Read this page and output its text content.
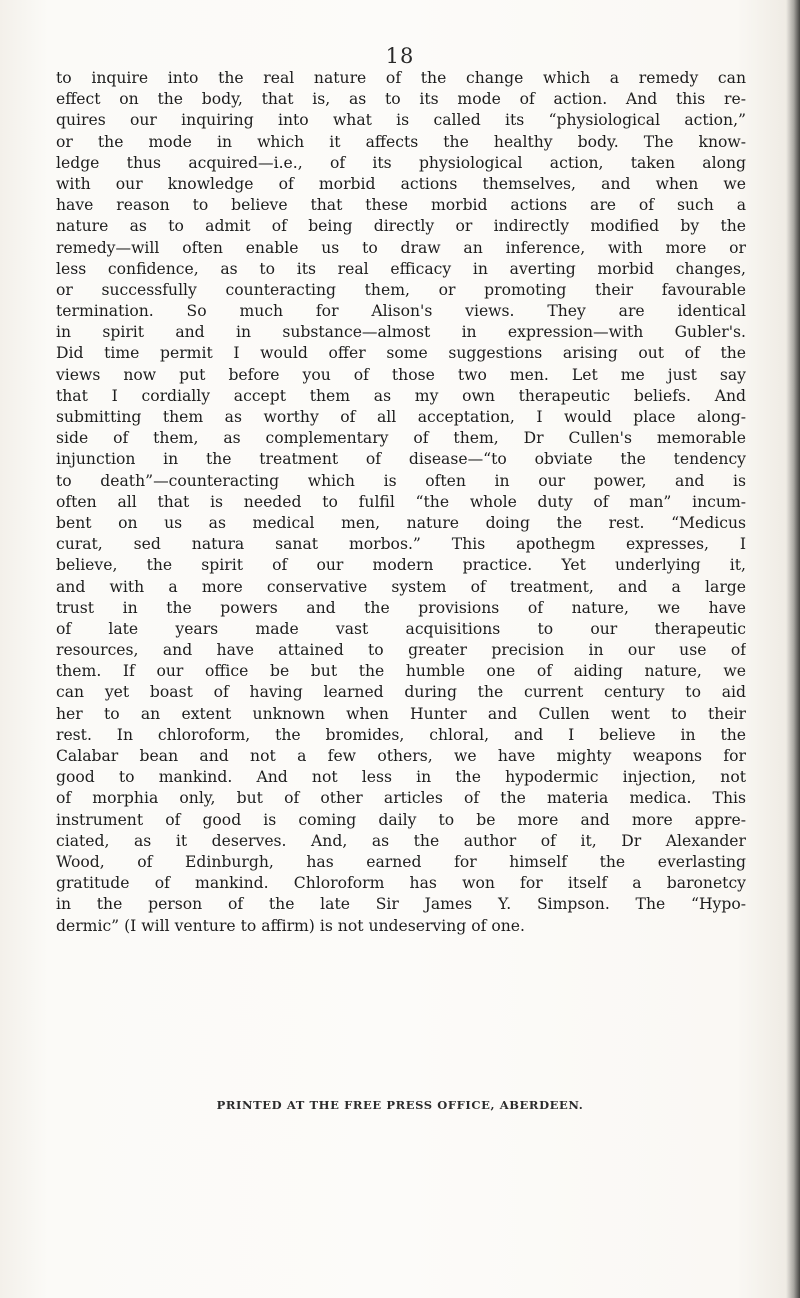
18
to inquire into the real nature of the change which a remedy can
effect on the body, that is, as to its mode of action. And this re-
quires our inquiring into what is called its “physiological action,”
or the mode in which it affects the healthy body. The know-
ledge thus acquired—i.e., of its physiological action, taken along
with our knowledge of morbid actions themselves, and when we
have reason to believe that these morbid actions are of such a
nature as to admit of being directly or indirectly modified by the
remedy—will often enable us to draw an inference, with more or
less confidence, as to its real efficacy in averting morbid changes,
or successfully counteracting them, or promoting their favourable
termination. So much for Alison's views. They are identical
in spirit and in substance—almost in expression—with Gubler's.
Did time permit I would offer some suggestions arising out of the
views now put before you of those two men. Let me just say
that I cordially accept them as my own therapeutic beliefs. And
submitting them as worthy of all acceptation, I would place along-
side of them, as complementary of them, Dr Cullen's memorable
injunction in the treatment of disease—“to obviate the tendency
to death”—counteracting which is often in our power, and is
often all that is needed to fulfil “the whole duty of man” incum-
bent on us as medical men, nature doing the rest. “Medicus
curat, sed natura sanat morbos.” This apothegm expresses, I
believe, the spirit of our modern practice. Yet underlying it,
and with a more conservative system of treatment, and a large
trust in the powers and the provisions of nature, we have
of late years made vast acquisitions to our therapeutic
resources, and have attained to greater precision in our use of
them. If our office be but the humble one of aiding nature, we
can yet boast of having learned during the current century to aid
her to an extent unknown when Hunter and Cullen went to their
rest. In chloroform, the bromides, chloral, and I believe in the
Calabar bean and not a few others, we have mighty weapons for
good to mankind. And not less in the hypodermic injection, not
of morphia only, but of other articles of the materia medica. This
instrument of good is coming daily to be more and more appre-
ciated, as it deserves. And, as the author of it, Dr Alexander
Wood, of Edinburgh, has earned for himself the everlasting
gratitude of mankind. Chloroform has won for itself a baronetcy
in the person of the late Sir James Y. Simpson. The “Hypo-
dermic” (I will venture to affirm) is not undeserving of one.
PRINTED AT THE FREE PRESS OFFICE, ABERDEEN.
